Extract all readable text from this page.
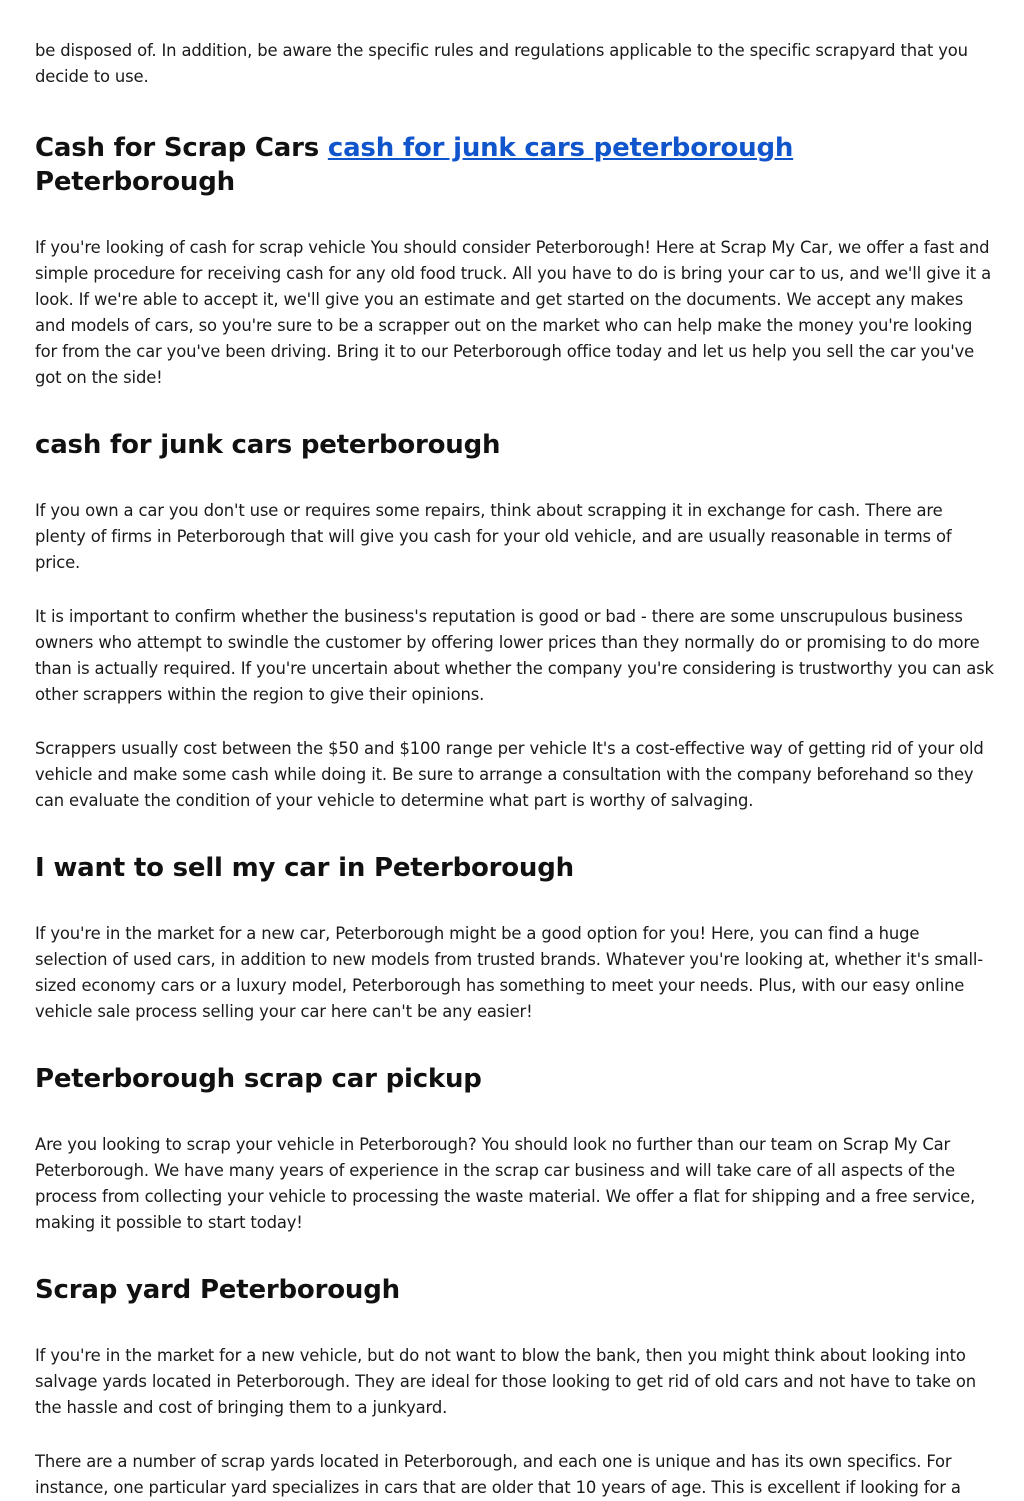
be disposed of. In addition, be aware the specific rules and regulations applicable to the specific scrapyard that you decide to use.

Cash for Scrap Cars cash for junk cars peterborough Peterborough

If you're looking of cash for scrap vehicle You should consider Peterborough! Here at Scrap My Car, we offer a fast and simple procedure for receiving cash for any old food truck. All you have to do is bring your car to us, and we'll give it a look. If we're able to accept it, we'll give you an estimate and get started on the documents. We accept any makes and models of cars, so you're sure to be a scrapper out on the market who can help make the money you're looking for from the car you've been driving. Bring it to our Peterborough office today and let us help you sell the car you've got on the side!

cash for junk cars peterborough

If you own a car you don't use or requires some repairs, think about scrapping it in exchange for cash. There are plenty of firms in Peterborough that will give you cash for your old vehicle, and are usually reasonable in terms of price.

It is important to confirm whether the business's reputation is good or bad - there are some unscrupulous business owners who attempt to swindle the customer by offering lower prices than they normally do or promising to do more than is actually required. If you're uncertain about whether the company you're considering is trustworthy you can ask other scrappers within the region to give their opinions.

Scrappers usually cost between the $50 and $100 range per vehicle It's a cost-effective way of getting rid of your old vehicle and make some cash while doing it. Be sure to arrange a consultation with the company beforehand so they can evaluate the condition of your vehicle to determine what part is worthy of salvaging.

I want to sell my car in Peterborough

If you're in the market for a new car, Peterborough might be a good option for you! Here, you can find a huge selection of used cars, in addition to new models from trusted brands. Whatever you're looking at, whether it's small-sized economy cars or a luxury model, Peterborough has something to meet your needs. Plus, with our easy online vehicle sale process selling your car here can't be any easier!

Peterborough scrap car pickup

Are you looking to scrap your vehicle in Peterborough? You should look no further than our team on Scrap My Car Peterborough. We have many years of experience in the scrap car business and will take care of all aspects of the process from collecting your vehicle to processing the waste material. We offer a flat for shipping and a free service, making it possible to start today!

Scrap yard Peterborough

If you're in the market for a new vehicle, but do not want to blow the bank, then you might think about looking into salvage yards located in Peterborough. They are ideal for those looking to get rid of old cars and not have to take on the hassle and cost of bringing them to a junkyard.

There are a number of scrap yards located in Peterborough, and each one is unique and has its own specifics. For instance, one particular yard specializes in cars that are older that 10 years of age. This is excellent if looking for a
